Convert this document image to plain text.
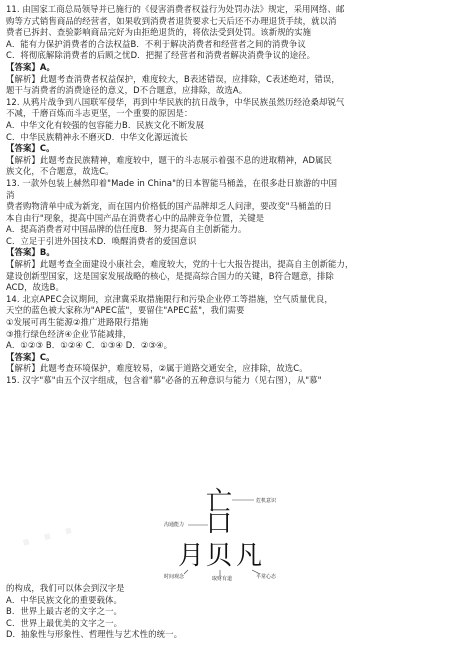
11. 由国家工商总局领导并已施行的《侵害消费者权益行为处罚办法》规定，采用网络、邮
购等方式销售商品的经营者，如果收到消费者退货要求七天后还不办理退货手续，就以消
费者已拆封、查验影响商品完好为由拒绝退货的，将依法受到处罚。该新规的实施
A．能有力保护消费者的合法权益B．不利于解决消费者和经营者之间的消费争议
C．将彻底解除消费者的后顾之忧D．把握了经营者和消费者解决消费争议的途径。
【答案】A。
【解析】此题考查消费者权益保护，难度较大，B表述错误，应排除，C表述绝对，错误，
题干与消费者的消费途径的意义，D不合题意，应排除，故选A。
12. 从鸦片战争到八国联军侵华，再到中华民族的抗日战争，中华民族虽然历经沧桑却锐气
不减，千磨百炼而斗志更坚，一个重要的原因是：
A．中华文化有较强的包容能力B．民族文化不断发展
C．中华民族精神永不磨灭D．中华文化源远流长
【答案】C。
【解析】此题考查民族精神，难度较中，题干的斗志展示着强不息的进取精神，AD属民
族文化，不合题意，故选C。
13. 一款外包装上赫然印着"Made in China"的日本智能马桶盖，在很多赴日旅游的中国
消
费者购物清单中成为新宠，而在国内价格低的国产品牌却乏人问津，要改变"马桶盖的日
本自由行"现象，提高中国产品在消费者心中的品牌竞争位置，关键是
A．提高消费者对中国品牌的信任度B．努力提高自主创新能力。
C．立足于引进外国技术D．唤醒消费者的爱国意识
【答案】B。
【解析】此题考查全面建设小康社会，难度较大，党的十七大报告提出，提高自主创新能力，
建设创新型国家，这是国家发展战略的核心，是提高综合国力的关键，B符合题意，排除
ACD，故选B。
14. 北京APEC会议期间，京津冀采取措施限行和污染企业停工等措施，空气质量优良，
天空的蓝色被大家称为"APEC蓝"，要留住"APEC蓝"，我们需要
①发展可再生能源②推广进路限行措施
③推行绿色经济④企业节能减排，
A．①②③ B．①②④ C．①③④ D．②③④。
【答案】C。
【解析】此题考查环境保护，难度较易，②属于道路交通安全，应排除，故选C。
15. 汉字"慕"由五个汉字组成，包含着"慕"必备的五种意识与能力（见右图），从"慕"
· · ·
亡
口
月 贝 凡
危机意识
沟通能力
时间观念	取财有道	平常心态
的构成，我们可以体会到汉字是
A．中华民族文化的重要载体。
B．世界上最古老的文字之一。
C．世界上最优美的文字之一。
D．抽象性与形象性、哲理性与艺术性的统一。
